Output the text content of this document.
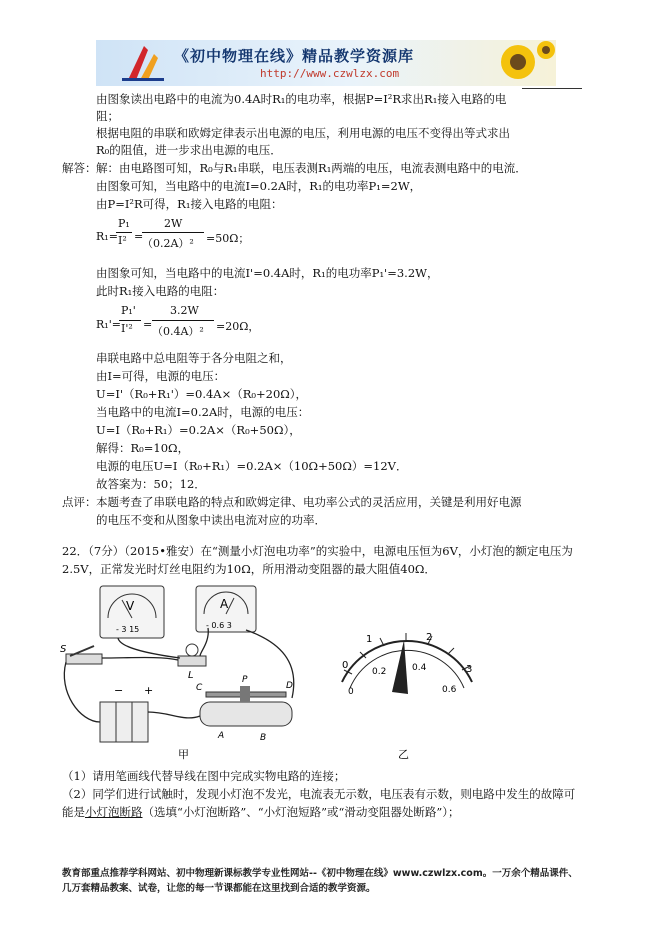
《初中物理在线》精品教学资源库
http://www.czwlzx.com
由图象读出电路中的电流为0.4A时R₁的电功率，根据P=I²R求出R₁接入电路的电
阻；
根据电阻的串联和欧姆定律表示出电源的电压，利用电源的电压不变得出等式求出
R₀的阻值，进一步求出电源的电压．
解答： 解：由电路图可知，R₀与R₁串联，电压表测R₁两端的电压，电流表测电路中的电流．
由图象可知，当电路中的电流I=0.2A时，R₁的电功率P₁=2W，
由P=I²R可得，R₁接入电路的电阻：
R₁=
P₁
I² =
2W
（0.2A）² =50Ω；
由图象可知，当电路中的电流I'=0.4A时，R₁的电功率P₁'=3.2W，
此时R₁接入电路的电阻：
R₁'=
P₁'
I'² =
3.2W
（0.4A）² =20Ω，
串联电路中总电阻等于各分电阻之和，
由I=可得，电源的电压：
U=I'（R₀+R₁'）=0.4A×（R₀+20Ω），
当电路中的电流I=0.2A时，电源的电压：
U=I（R₀+R₁）=0.2A×（R₀+50Ω），
解得：R₀=10Ω，
电源的电压U=I（R₀+R₁）=0.2A×（10Ω+50Ω）=12V．
故答案为：50；12．
点评： 本题考查了串联电路的特点和欧姆定律、电功率公式的灵活应用，关键是利用好电源
的电压不变和从图象中读出电流对应的功率．
22．（7分）（2015•雅安）在“测量小灯泡电功率”的实验中，电源电压恒为6V，小灯泡的额定电压为
2.5V，正常发光时灯丝电阻约为10Ω，所用滑动变阻器的最大阻值40Ω．
V
- 3 15
A
- 0.6 3
S
L
− +	C
P
D
A	B
甲
0
1	2
3
0
0.2	0.4
0.6
乙
（1）请用笔画线代替导线在图中完成实物电路的连接；
（2）同学们进行试触时，发现小灯泡不发光，电流表无示数，电压表有示数，则电路中发生的故障可
能是小灯泡断路（选填“小灯泡断路”、“小灯泡短路”或“滑动变阻器处断路”）；
教育部重点推荐学科网站、初中物理新课标教学专业性网站--《初中物理在线》www.czwlzx.com。一万余个精品课件、
几万套精品教案、试卷，让您的每一节课都能在这里找到合适的教学资源。
